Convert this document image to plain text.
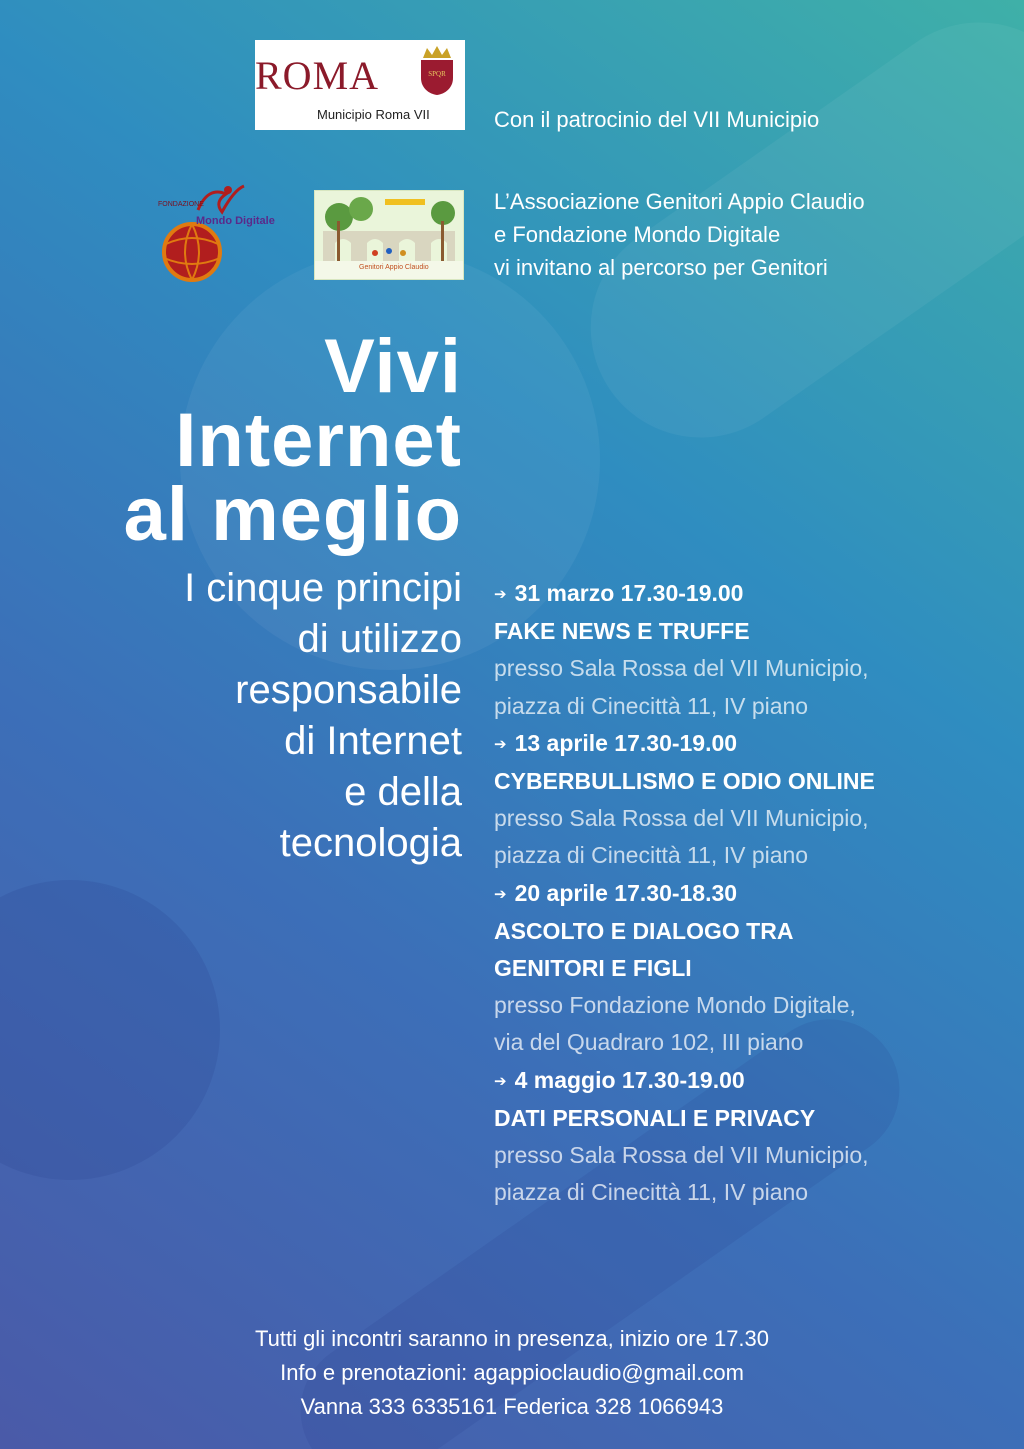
ROMA	SPQR
Municipio Roma VII
FONDAZIONE
Mondo Digitale
Genitori Appio Claudio
Con il patrocinio del VII Municipio
L’Associazione Genitori Appio Claudio
e Fondazione Mondo Digitale
vi invitano al percorso per Genitori
Vivi
Internet
al meglio
I cinque principi
di utilizzo
responsabile
di Internet
e della
tecnologia
➔ 31 marzo 17.30-19.00
FAKE NEWS E TRUFFE
presso Sala Rossa del VII Municipio,
piazza di Cinecittà 11, IV piano
➔ 13 aprile 17.30-19.00
CYBERBULLISMO E ODIO ONLINE
presso Sala Rossa del VII Municipio,
piazza di Cinecittà 11, IV piano
➔ 20 aprile 17.30-18.30
ASCOLTO E DIALOGO TRA
GENITORI E FIGLI
presso Fondazione Mondo Digitale,
via del Quadraro 102, III piano
➔ 4 maggio 17.30-19.00
DATI PERSONALI E PRIVACY
presso Sala Rossa del VII Municipio,
piazza di Cinecittà 11, IV piano
Tutti gli incontri saranno in presenza, inizio ore 17.30
Info e prenotazioni: agappioclaudio@gmail.com
Vanna 333 6335161 Federica 328 1066943
